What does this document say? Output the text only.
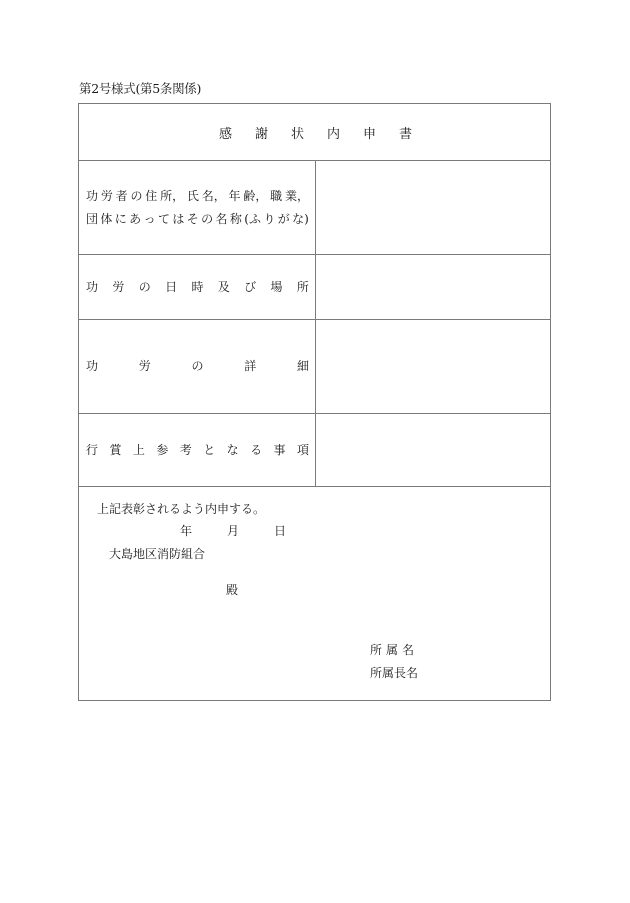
第2号様式(第5条関係)
感謝状内申書
功 労 者 の 住 所， 氏 名， 年 齢， 職 業，
団 体 に あ っ て は そ の 名 称 (ふ り が な)
功 労 の 日 時 及 び 場 所
功	労	の	詳	細
行 賞 上 参 考 と な る 事 項
上記表彰されるよう内申する。
年	月	日
大島地区消防組合
殿
所属名
所属長名
